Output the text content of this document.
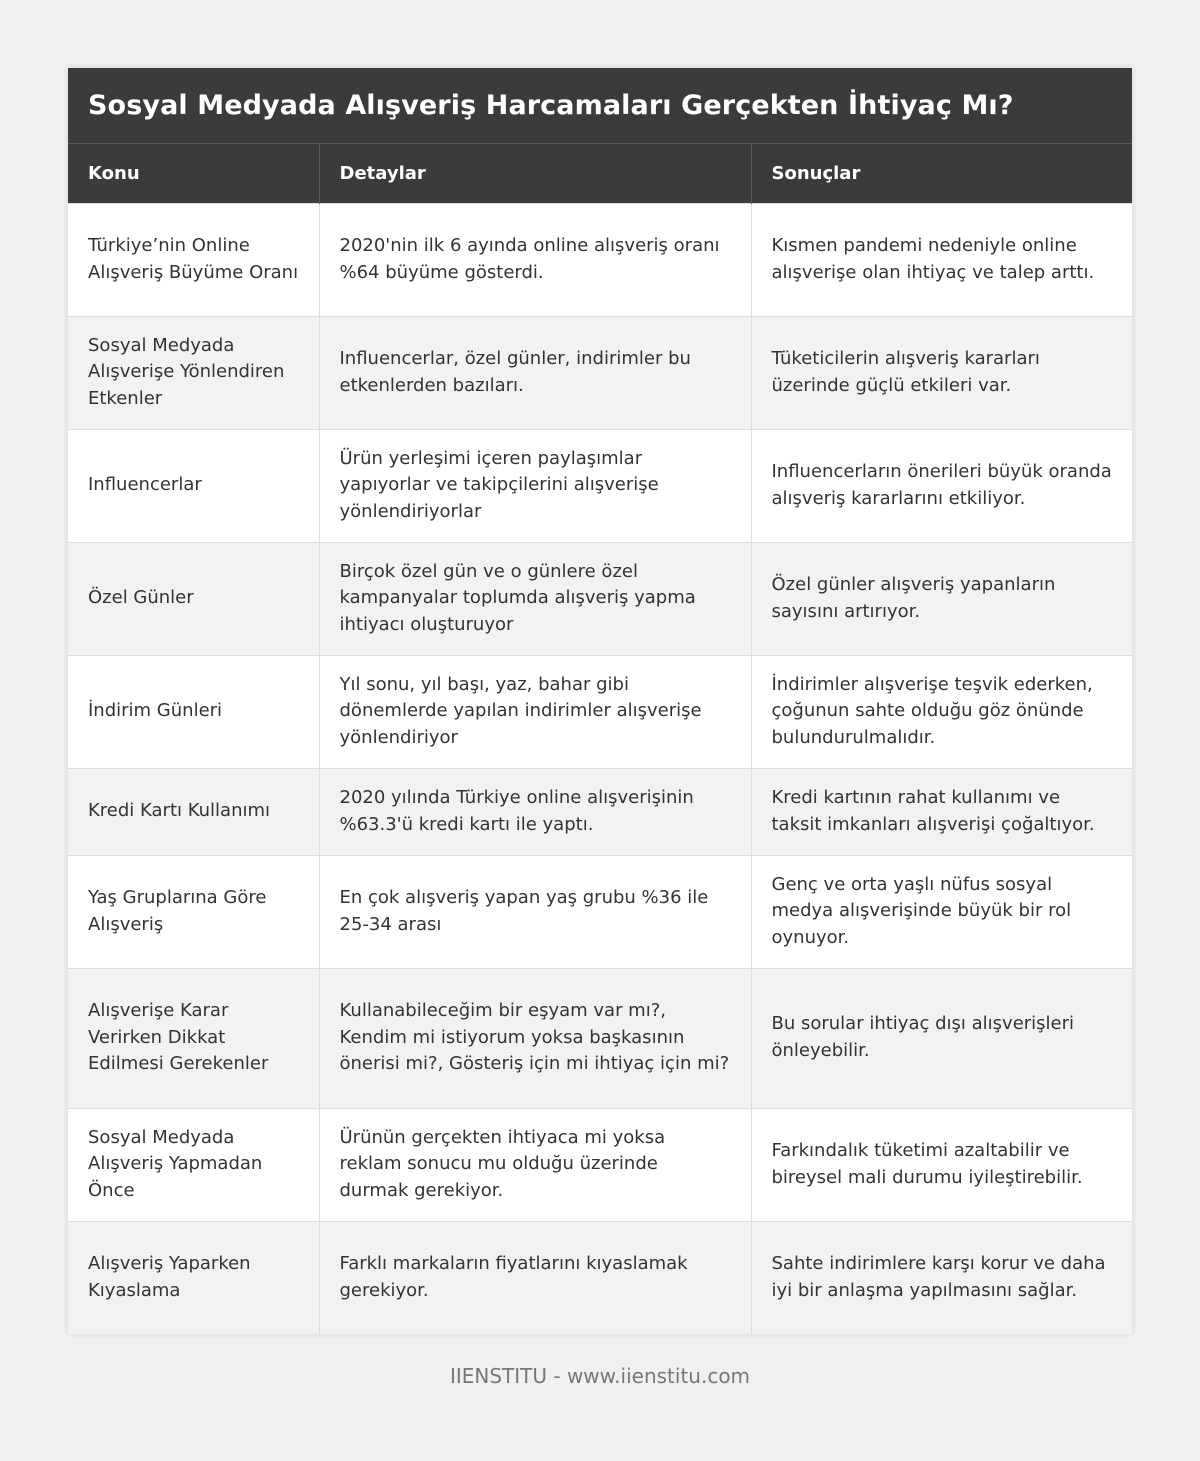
Sosyal Medyada Alışveriş Harcamaları Gerçekten İhtiyaç Mı?
Konu	Detaylar	Sonuçlar
Türkiye’nin Online Alışveriş Büyüme Oranı	2020'nin ilk 6 ayında online alışveriş oranı %64 büyüme gösterdi.	Kısmen pandemi nedeniyle online alışverişe olan ihtiyaç ve talep arttı.
Sosyal Medyada Alışverişe Yönlendiren Etkenler	Influencerlar, özel günler, indirimler bu etkenlerden bazıları.	Tüketicilerin alışveriş kararları üzerinde güçlü etkileri var.
Influencerlar	Ürün yerleşimi içeren paylaşımlar yapıyorlar ve takipçilerini alışverişe yönlendiriyorlar	Influencerların önerileri büyük oranda alışveriş kararlarını etkiliyor.
Özel Günler	Birçok özel gün ve o günlere özel kampanyalar toplumda alışveriş yapma ihtiyacı oluşturuyor	Özel günler alışveriş yapanların sayısını artırıyor.
İndirim Günleri	Yıl sonu, yıl başı, yaz, bahar gibi dönemlerde yapılan indirimler alışverişe yönlendiriyor	İndirimler alışverişe teşvik ederken, çoğunun sahte olduğu göz önünde bulundurulmalıdır.
Kredi Kartı Kullanımı	2020 yılında Türkiye online alışverişinin %63.3'ü kredi kartı ile yaptı.	Kredi kartının rahat kullanımı ve taksit imkanları alışverişi çoğaltıyor.
Yaş Gruplarına Göre Alışveriş	En çok alışveriş yapan yaş grubu %36 ile 25-34 arası	Genç ve orta yaşlı nüfus sosyal medya alışverişinde büyük bir rol oynuyor.
Alışverişe Karar Verirken Dikkat Edilmesi Gerekenler	Kullanabileceğim bir eşyam var mı?, Kendim mi istiyorum yoksa başkasının önerisi mi?, Gösteriş için mi ihtiyaç için mi?	Bu sorular ihtiyaç dışı alışverişleri önleyebilir.
Sosyal Medyada Alışveriş Yapmadan Önce	Ürünün gerçekten ihtiyaca mi yoksa reklam sonucu mu olduğu üzerinde durmak gerekiyor.	Farkındalık tüketimi azaltabilir ve bireysel mali durumu iyileştirebilir.
Alışveriş Yaparken Kıyaslama	Farklı markaların fiyatlarını kıyaslamak gerekiyor.	Sahte indirimlere karşı korur ve daha iyi bir anlaşma yapılmasını sağlar.
IIENSTITU - www.iienstitu.com
